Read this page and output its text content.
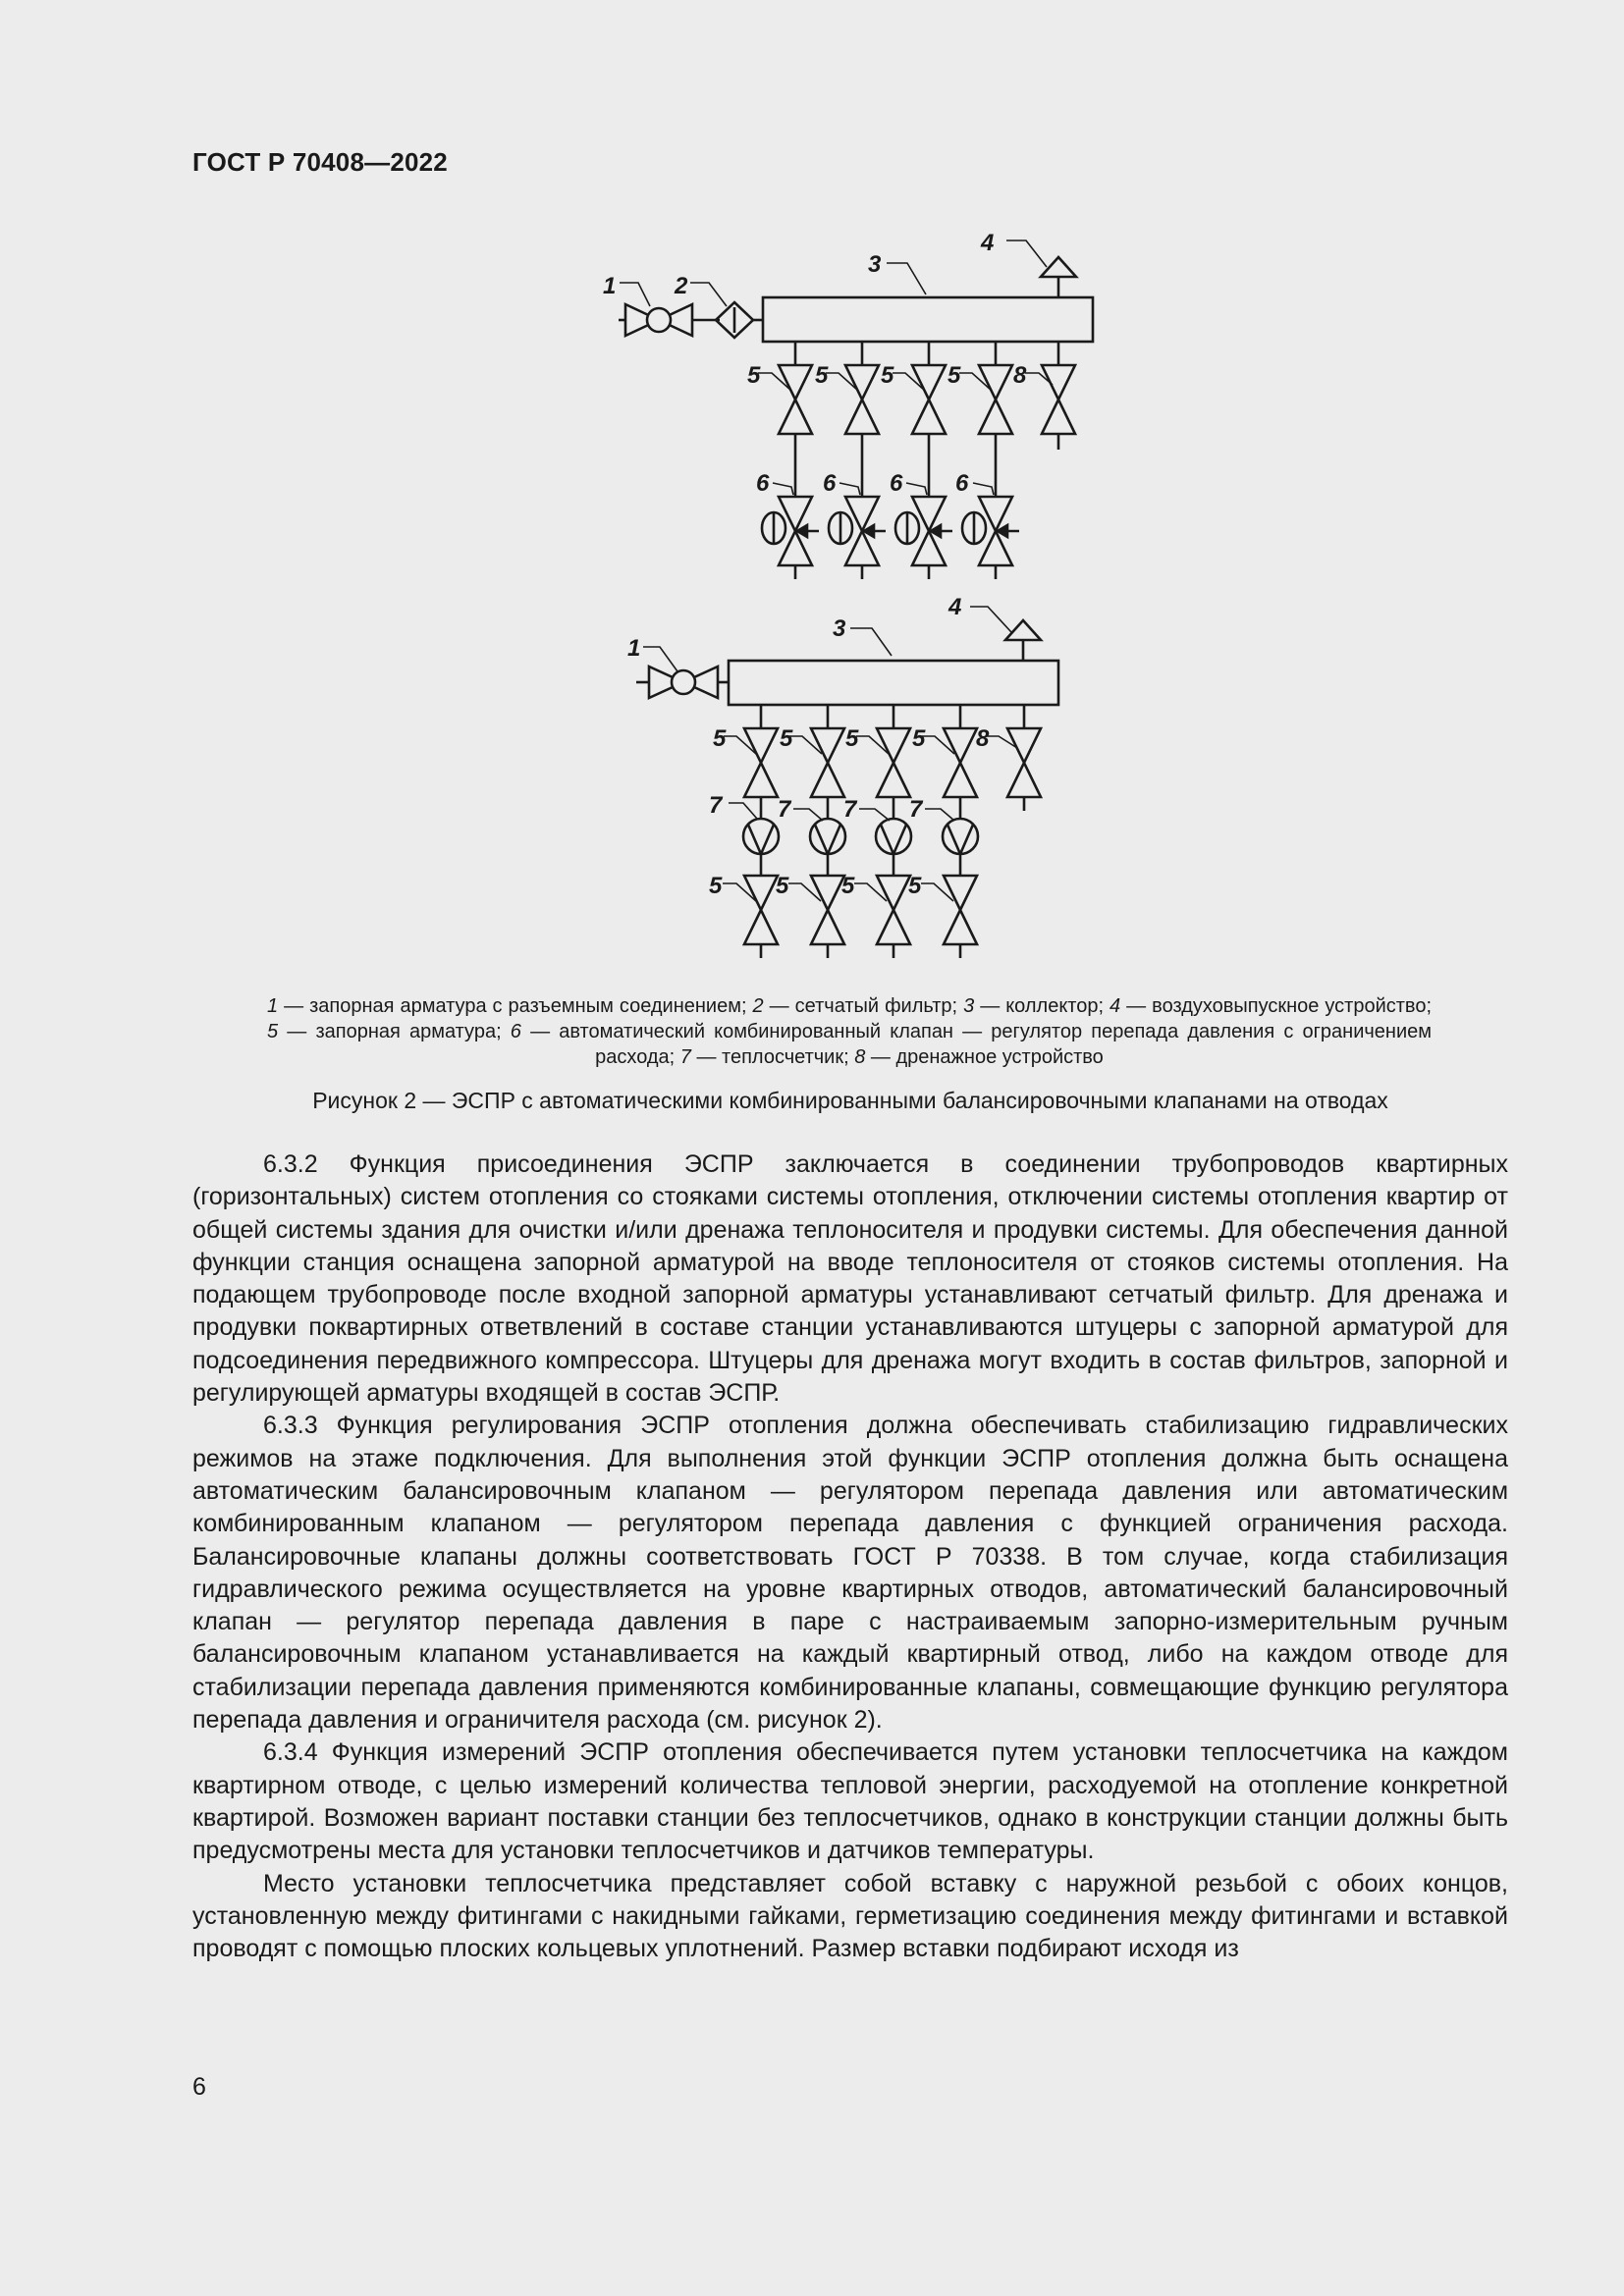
ГОСТ Р 70408—2022
1 2
3
4
5 5 5 5 8
6 6 6 6
1
3
4
5 5 5 5 8
7 7 7 7
5 5 5 5
1 — запорная арматура с разъемным соединением; 2 — сетчатый фильтр; 3 — коллектор; 4 — воздуховыпускное устройство; 5 — запорная арматура; 6 — автоматический комбинированный клапан — регулятор перепада давления с ограничением расхода; 7 — теплосчетчик; 8 — дренажное устройство
Рисунок 2 — ЭСПР с автоматическими комбинированными балансировочными клапанами на отводах

6.3.2 Функция присоединения ЭСПР заключается в соединении трубопроводов квартирных (горизонтальных) систем отопления со стояками системы отопления, отключении системы отопления квартир от общей системы здания для очистки и/или дренажа теплоносителя и продувки системы. Для обеспечения данной функции станция оснащена запорной арматурой на вводе теплоносителя от стояков системы отопления. На подающем трубопроводе после входной запорной арматуры устанавливают сетчатый фильтр. Для дренажа и продувки поквартирных ответвлений в составе станции устанавливаются штуцеры с запорной арматурой для подсоединения передвижного компрессора. Штуцеры для дренажа могут входить в состав фильтров, запорной и регулирующей арматуры входящей в состав ЭСПР.

6.3.3 Функция регулирования ЭСПР отопления должна обеспечивать стабилизацию гидравлических режимов на этаже подключения. Для выполнения этой функции ЭСПР отопления должна быть оснащена автоматическим балансировочным клапаном — регулятором перепада давления или автоматическим комбинированным клапаном — регулятором перепада давления с функцией ограничения расхода. Балансировочные клапаны должны соответствовать ГОСТ Р 70338. В том случае, когда стабилизация гидравлического режима осуществляется на уровне квартирных отводов, автоматический балансировочный клапан — регулятор перепада давления в паре с настраиваемым запорно-измерительным ручным балансировочным клапаном устанавливается на каждый квартирный отвод, либо на каждом отводе для стабилизации перепада давления применяются комбинированные клапаны, совмещающие функцию регулятора перепада давления и ограничителя расхода (см. рисунок 2).

6.3.4 Функция измерений ЭСПР отопления обеспечивается путем установки теплосчетчика на каждом квартирном отводе, с целью измерений количества тепловой энергии, расходуемой на отопление конкретной квартирой. Возможен вариант поставки станции без теплосчетчиков, однако в конструкции станции должны быть предусмотрены места для установки теплосчетчиков и датчиков температуры.

Место установки теплосчетчика представляет собой вставку с наружной резьбой с обоих концов, установленную между фитингами с накидными гайками, герметизацию соединения между фитингами и вставкой проводят с помощью плоских кольцевых уплотнений. Размер вставки подбирают исходя из

6
